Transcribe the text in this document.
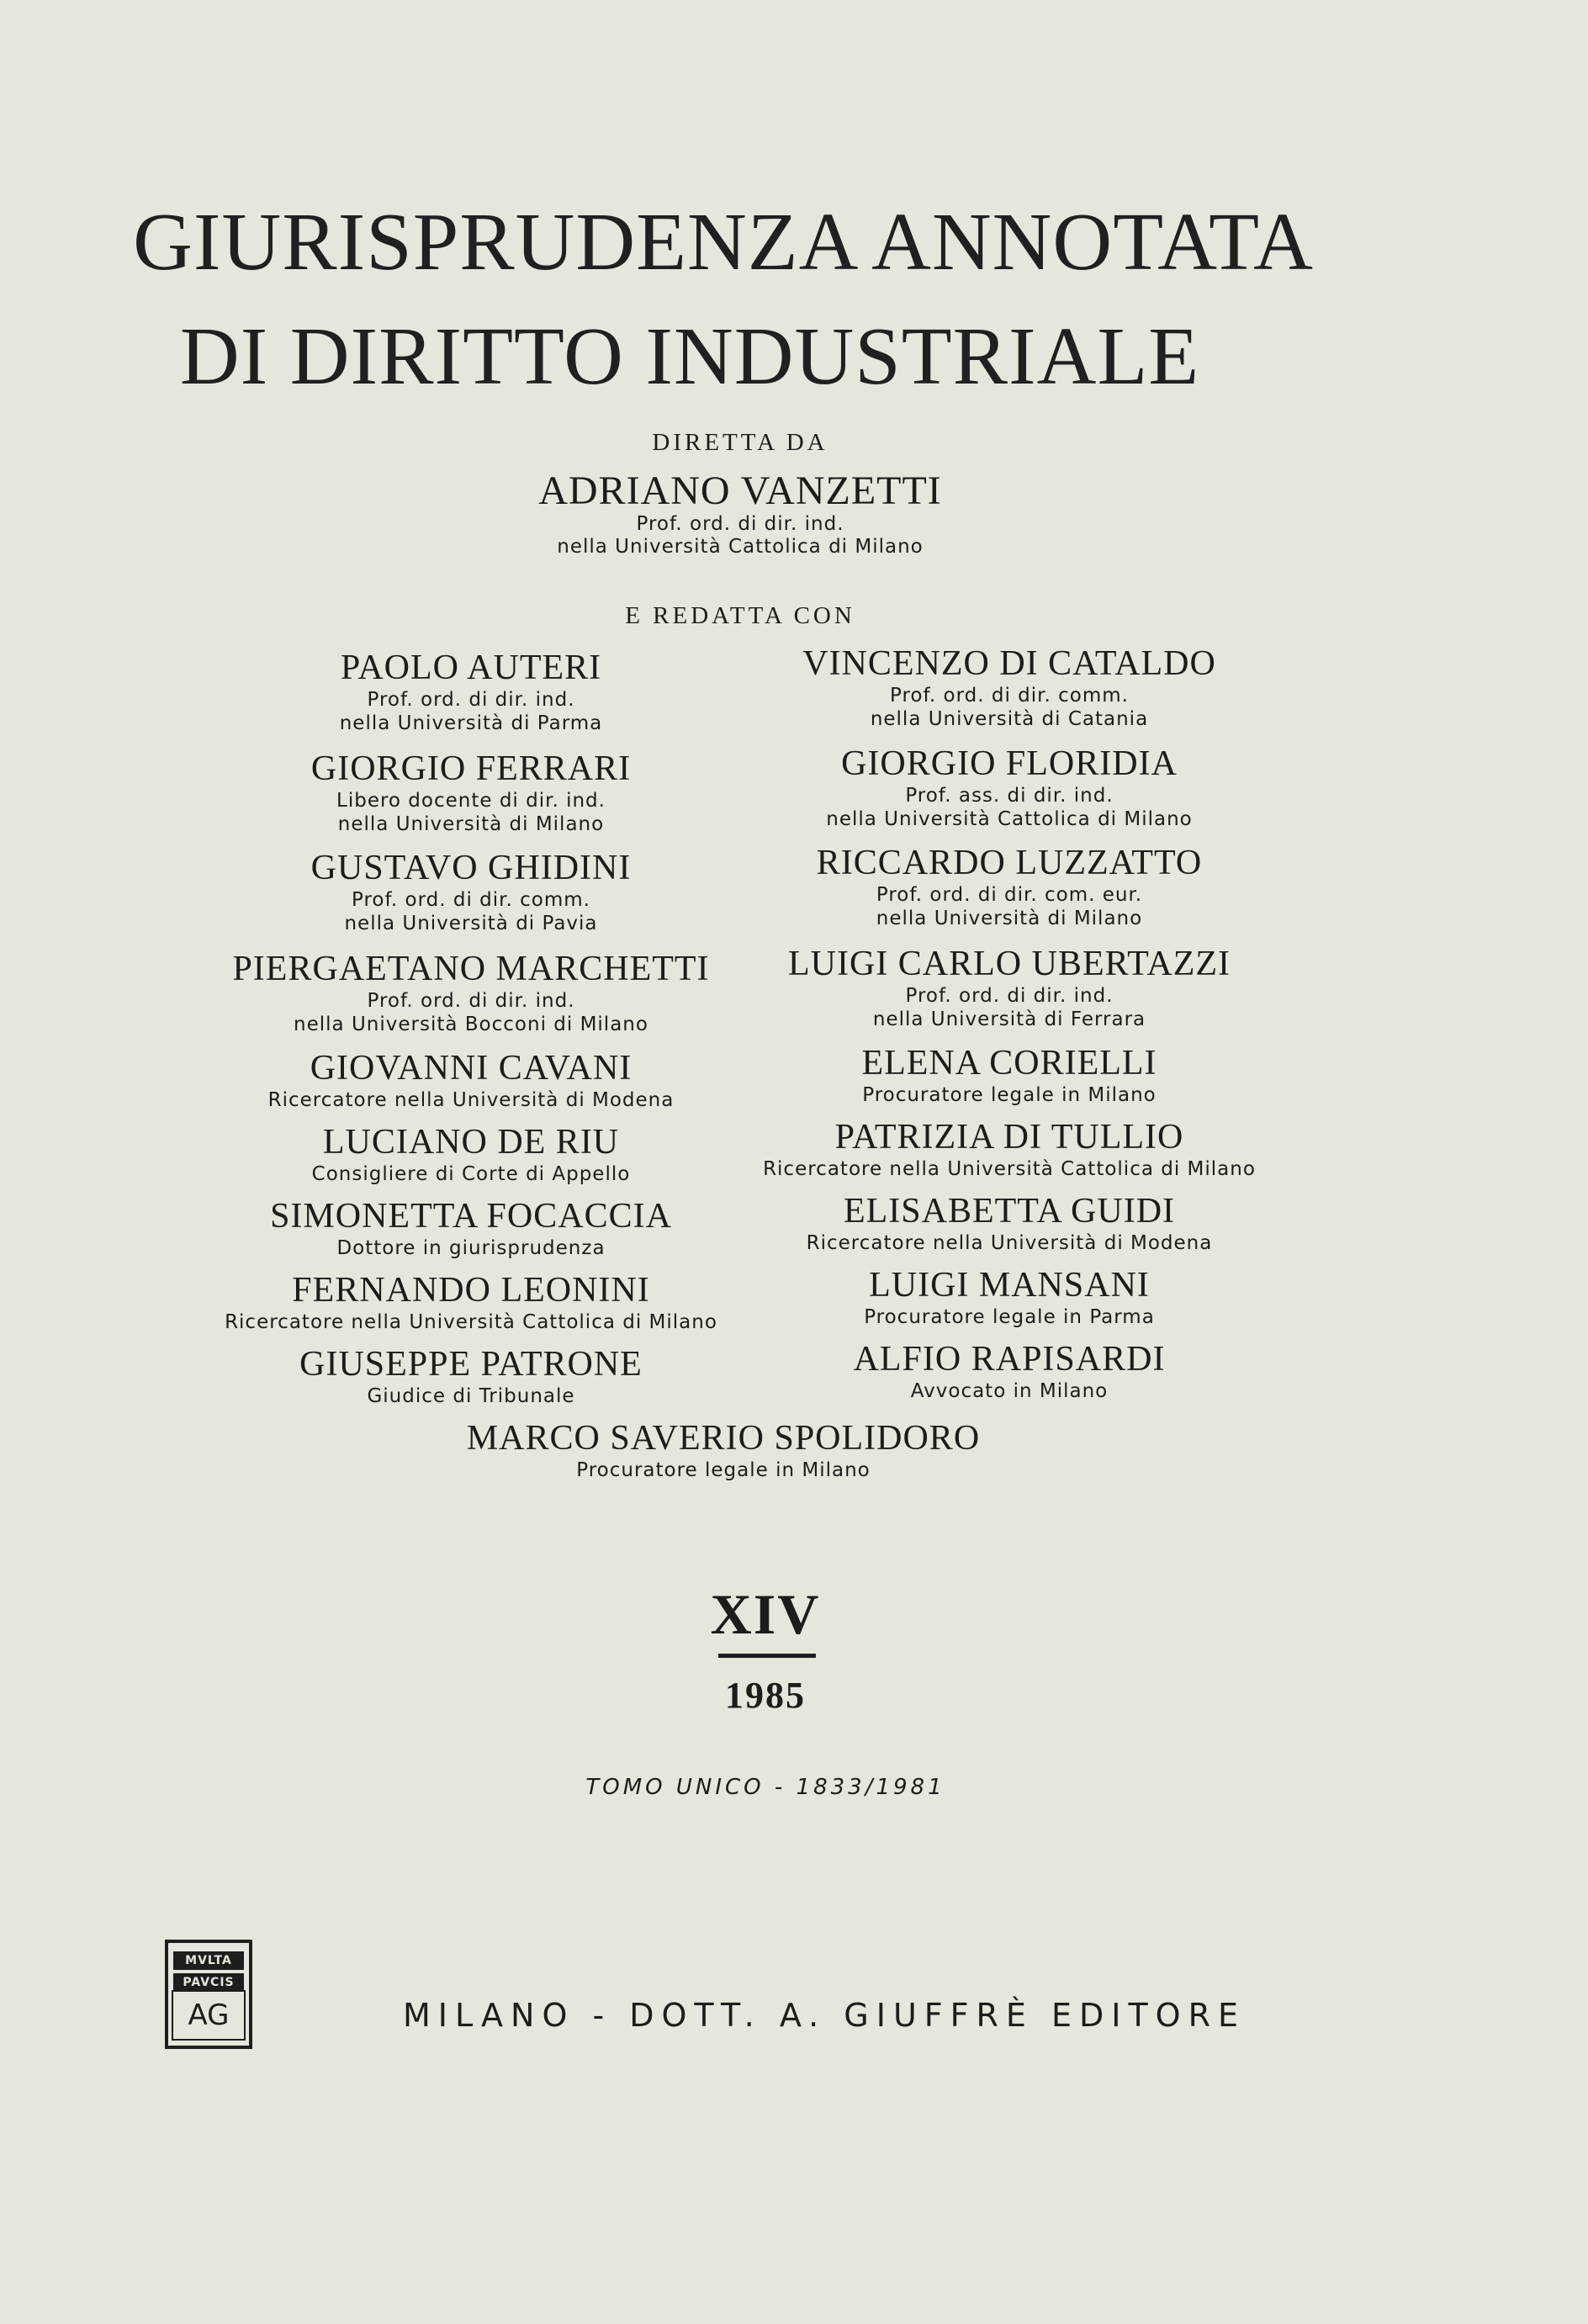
GIURISPRUDENZA ANNOTATA
DI DIRITTO INDUSTRIALE
DIRETTA DA
ADRIANO VANZETTI
Prof. ord. di dir. ind.
nella Università Cattolica di Milano
E REDATTA CON
PAOLO AUTERI
Prof. ord. di dir. ind.
nella Università di Parma
VINCENZO DI CATALDO
Prof. ord. di dir. comm.
nella Università di Catania
GIORGIO FERRARI
Libero docente di dir. ind.
nella Università di Milano
GIORGIO FLORIDIA
Prof. ass. di dir. ind.
nella Università Cattolica di Milano
GUSTAVO GHIDINI
Prof. ord. di dir. comm.
nella Università di Pavia
RICCARDO LUZZATTO
Prof. ord. di dir. com. eur.
nella Università di Milano
PIERGAETANO MARCHETTI
Prof. ord. di dir. ind.
nella Università Bocconi di Milano
LUIGI CARLO UBERTAZZI
Prof. ord. di dir. ind.
nella Università di Ferrara
GIOVANNI CAVANI
Ricercatore nella Università di Modena
ELENA CORIELLI
Procuratore legale in Milano
LUCIANO DE RIU
Consigliere di Corte di Appello
PATRIZIA DI TULLIO
Ricercatore nella Università Cattolica di Milano
SIMONETTA FOCACCIA
Dottore in giurisprudenza
ELISABETTA GUIDI
Ricercatore nella Università di Modena
FERNANDO LEONINI
Ricercatore nella Università Cattolica di Milano
LUIGI MANSANI
Procuratore legale in Parma
GIUSEPPE PATRONE
Giudice di Tribunale
ALFIO RAPISARDI
Avvocato in Milano
MARCO SAVERIO SPOLIDORO
Procuratore legale in Milano
XIV
1985
TOMO UNICO - 1833/1981
MVLTA
PAVCIS
AG	MILANO - DOTT. A. GIUFFRÈ EDITORE
